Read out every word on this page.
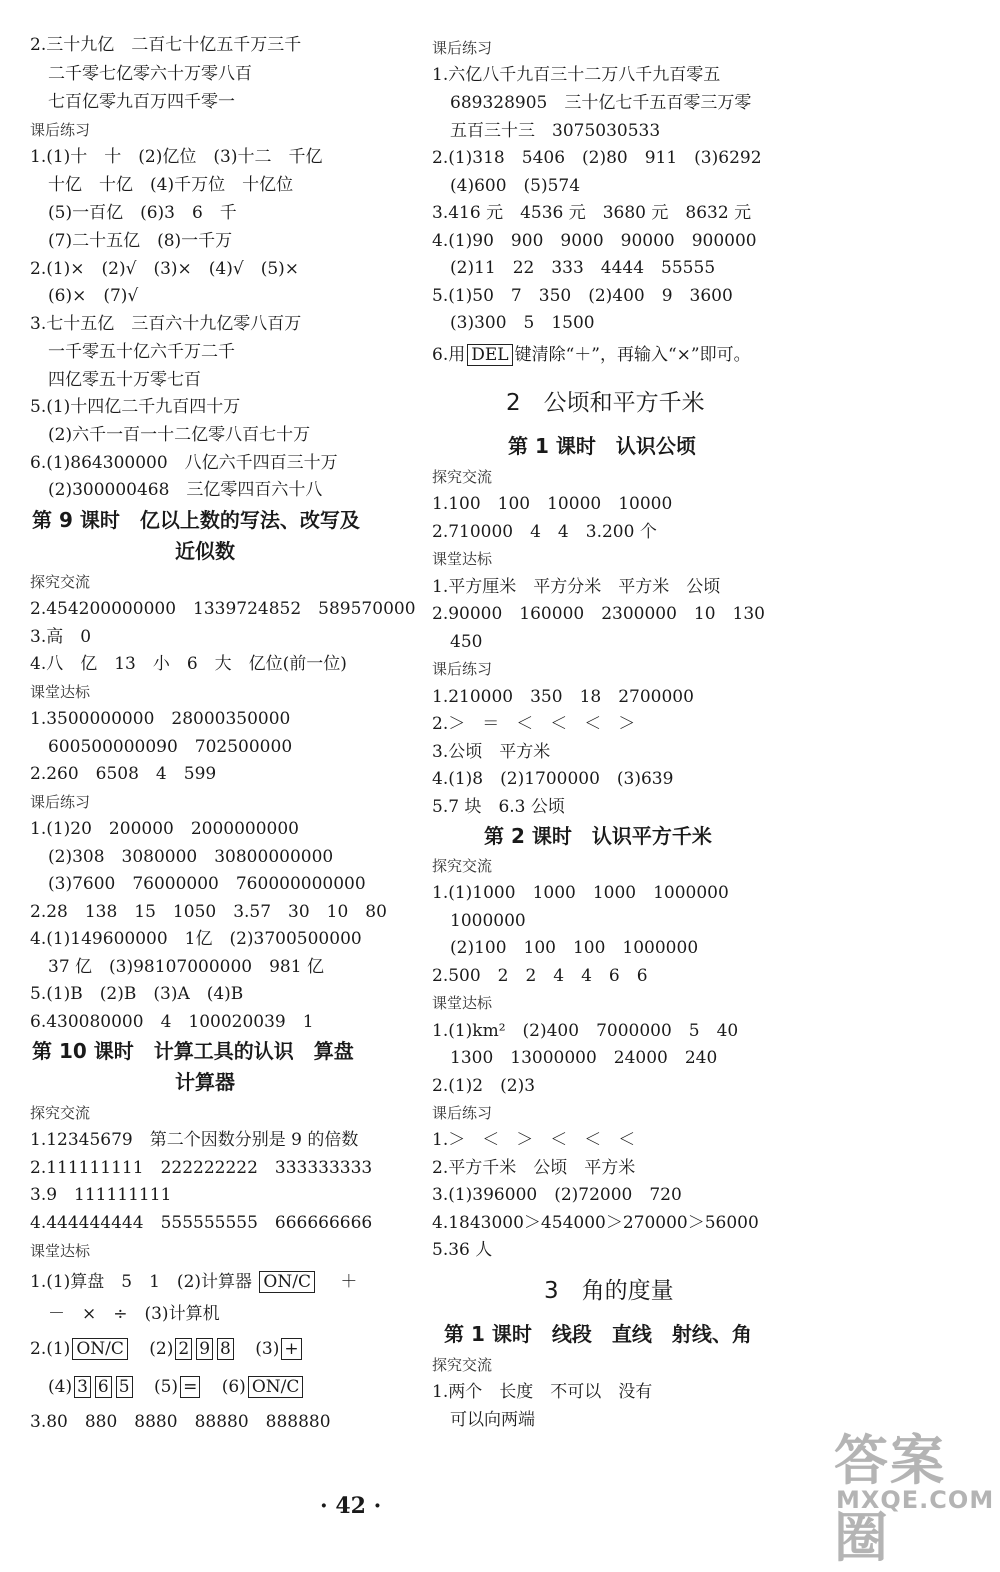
2.三十九亿　二百七十亿五千万三千
二千零七亿零六十万零八百
七百亿零九百万四千零一
课后练习
1.(1)十　十　(2)亿位　(3)十二　千亿
十亿　十亿　(4)千万位　十亿位
(5)一百亿　(6)3　6　千
(7)二十五亿　(8)一千万
2.(1)×　(2)√　(3)×　(4)√　(5)×
(6)×　(7)√
3.七十五亿　三百六十九亿零八百万
一千零五十亿六千万二千
四亿零五十万零七百
5.(1)十四亿二千九百四十万
(2)六千一百一十二亿零八百七十万
6.(1)864300000　八亿六千四百三十万
(2)300000468　三亿零四百六十八
第 9 课时　亿以上数的写法、改写及
近似数
探究交流
2.454200000000　1339724852　589570000
3.高　0
4.八　亿　13　小　6　大　亿位(前一位)
课堂达标
1.3500000000　28000350000
600500000090　702500000
2.260　6508　4　599
课后练习
1.(1)20　200000　2000000000
(2)308　3080000　30800000000
(3)7600　76000000　760000000000
2.28　138　15　1050　3.57　30　10　80
4.(1)149600000　1亿　(2)3700500000
37 亿　(3)98107000000　981 亿
5.(1)B　(2)B　(3)A　(4)B
6.430080000　4　100020039　1
第 10 课时　计算工具的认识　算盘
计算器
探究交流
1.12345679　第二个因数分别是 9 的倍数
2.111111111　222222222　333333333
3.9　111111111
4.444444444　555555555　666666666
课堂达标
1.(1)算盘　5　1　(2)计算器 ON/C ＋
－　×　÷　(3)计算机
2.(1) ON/C (2) 2 9 8 (3) +
(4) 3 6 5 (5) = (6) ON/C
3.80　880　8880　88880　888880
课后练习
1.六亿八千九百三十二万八千九百零五
689328905　三十亿七千五百零三万零
五百三十三　3075030533
2.(1)318　5406　(2)80　911　(3)6292
(4)600　(5)574
3.416 元　4536 元　3680 元　8632 元
4.(1)90　900　9000　90000　900000
(2)11　22　333　4444　55555
5.(1)50　7　350　(2)400　9　3600
(3)300　5　1500
6.用 DEL 键清除“＋”，再输入“×”即可。
2　公顷和平方千米
第 1 课时　认识公顷
探究交流
1.100　100　10000　10000
2.710000　4　4　3.200 个
课堂达标
1.平方厘米　平方分米　平方米　公顷
2.90000　160000　2300000　10　130
450
课后练习
1.210000　350　18　2700000
2.＞　＝　＜　＜　＜　＞
3.公顷　平方米
4.(1)8　(2)1700000　(3)639
5.7 块　6.3 公顷
第 2 课时　认识平方千米
探究交流
1.(1)1000　1000　1000　1000000
1000000
(2)100　100　100　1000000
2.500　2　2　4　4　6　6
课堂达标
1.(1)km²　(2)400　7000000　5　40
1300　13000000　24000　240
2.(1)2　(2)3
课后练习
1.＞　＜　＞　＜　＜　＜
2.平方千米　公顷　平方米
3.(1)396000　(2)72000　720
4.1843000＞454000＞270000＞56000
5.36 人
3　角的度量
第 1 课时　线段　直线　射线、角
探究交流
1.两个　长度　不可以　没有
可以向两端
· 42 ·
答案圈
MXQE.COM
